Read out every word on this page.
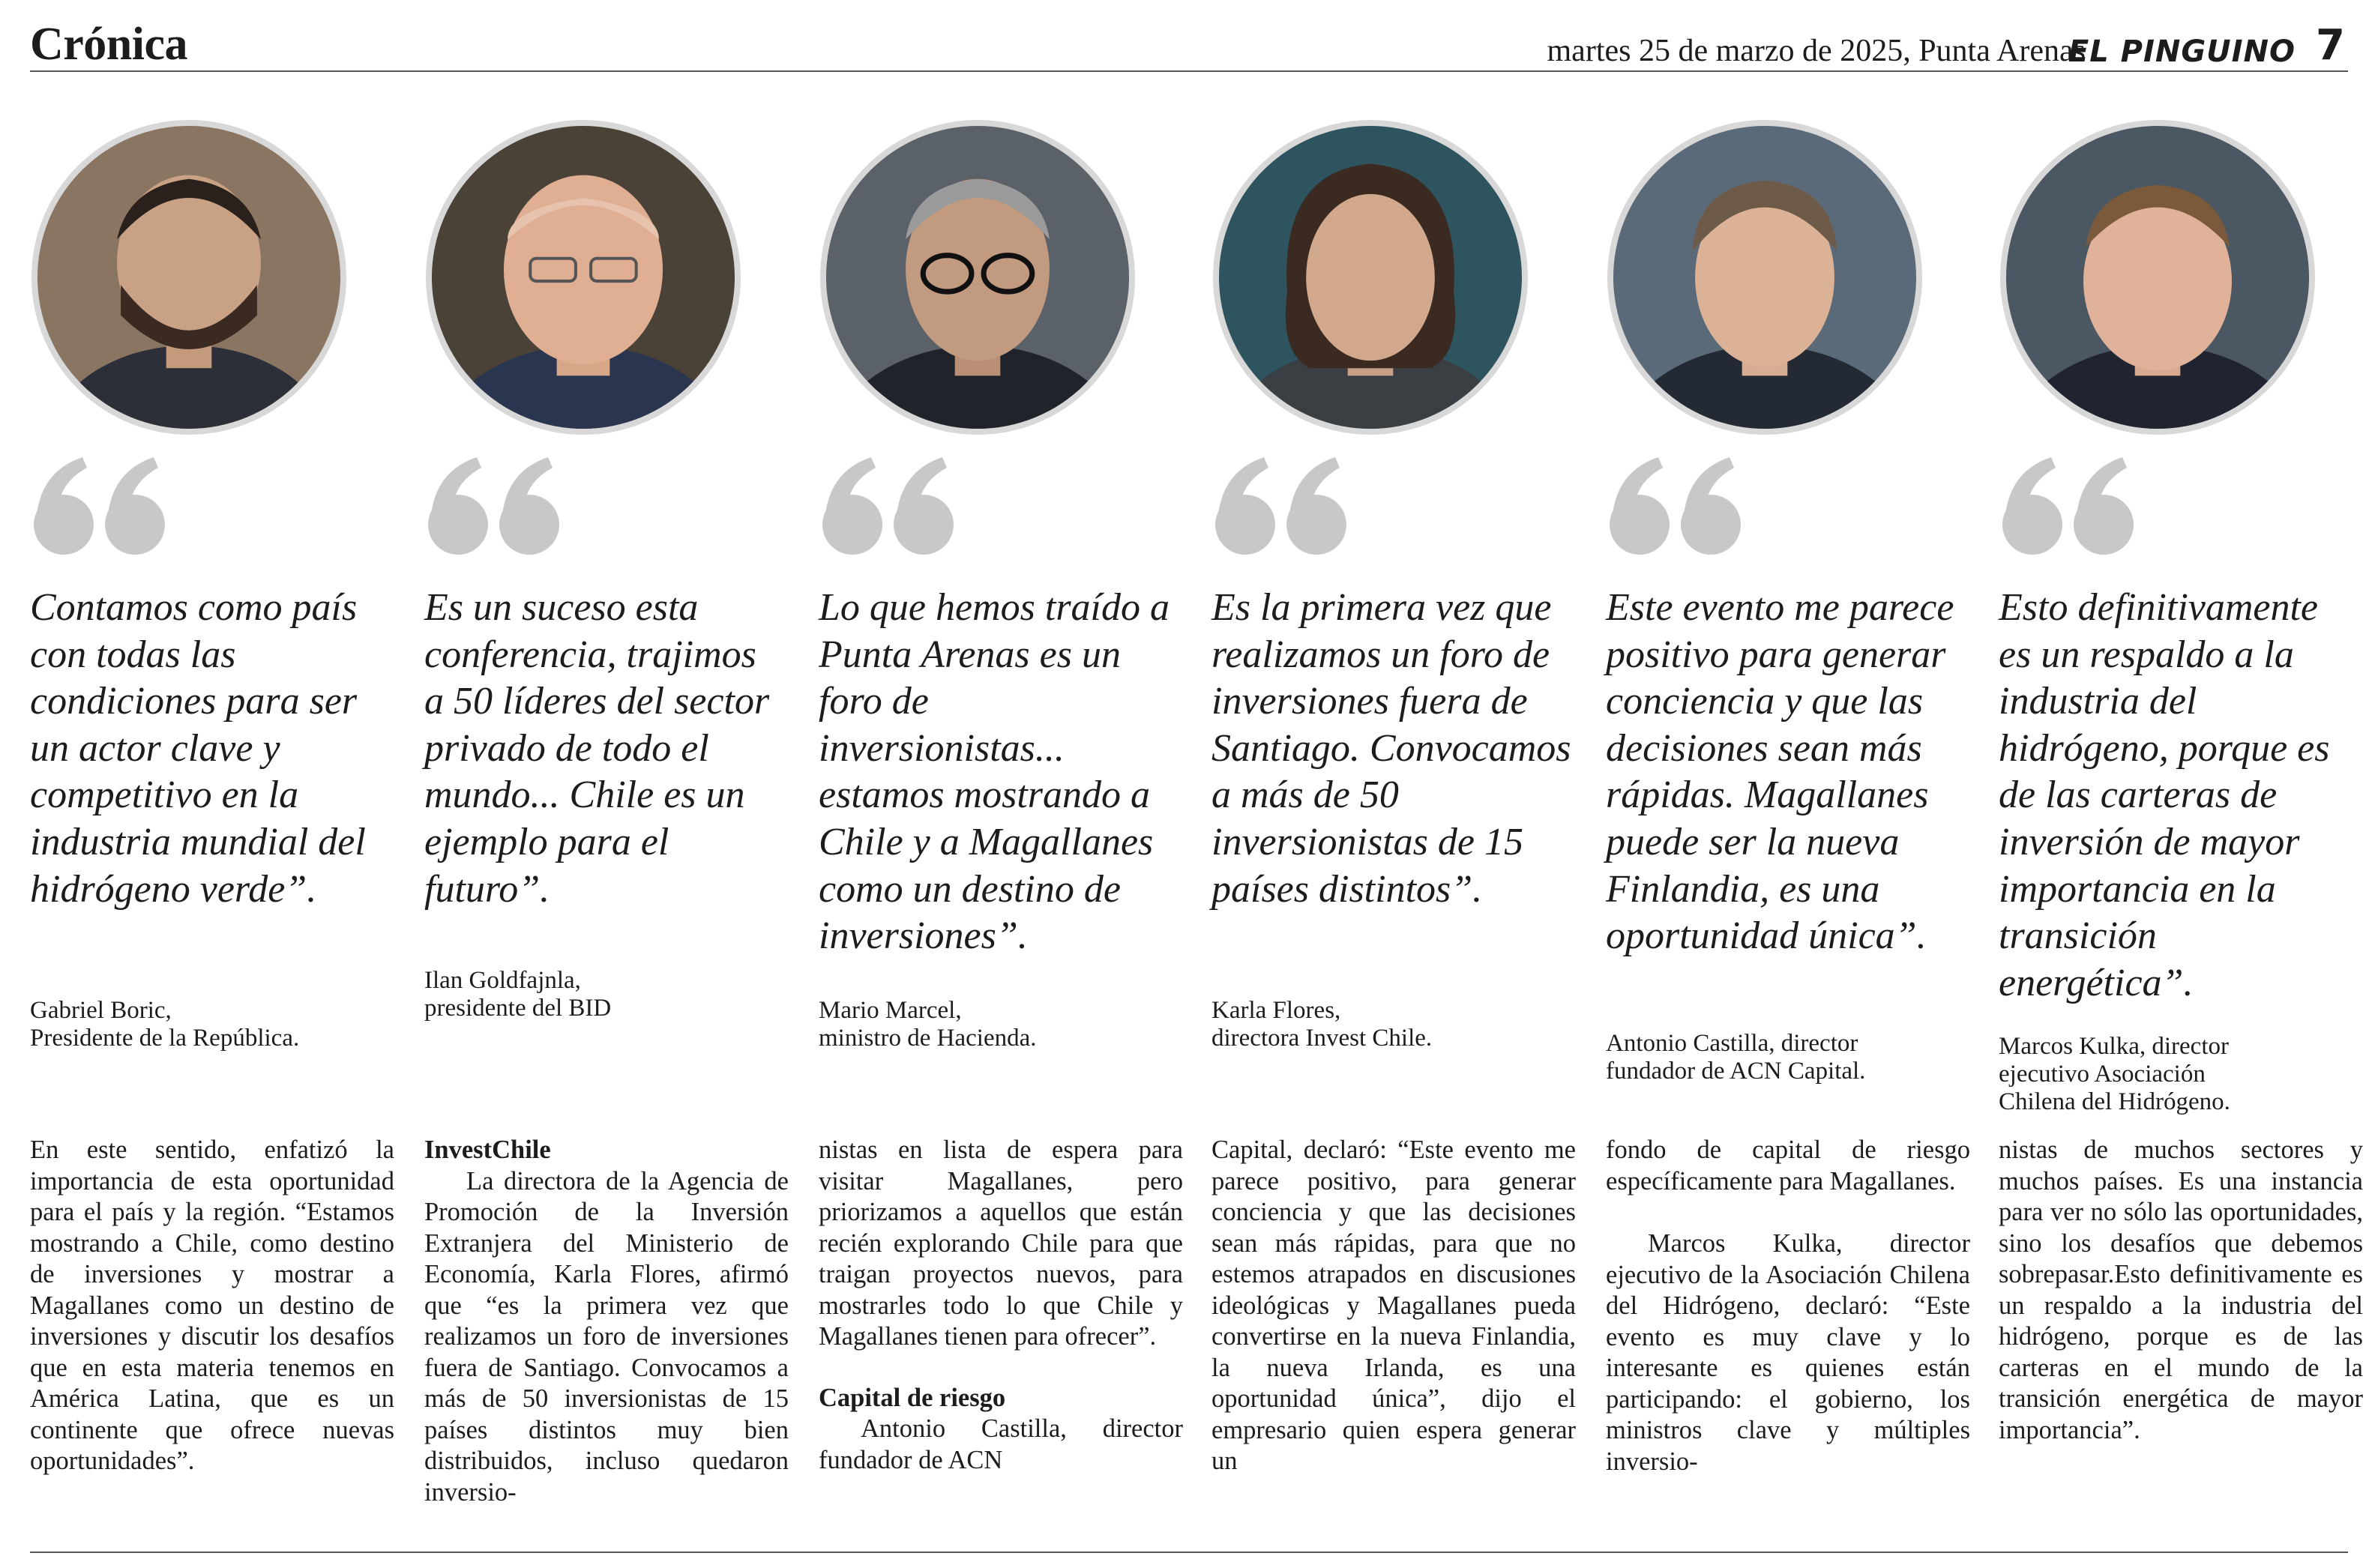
Crónica	martes 25 de marzo de 2025, Punta Arenas
EL PINGUINO 7

Contamos como país con todas las condiciones para ser un actor clave y competitivo en la industria mundial del hidrógeno verde”.

Gabriel Boric,
Presidente de la República.

En este sentido, enfatizó la importancia de esta oportunidad para el país y la región. “Estamos mostrando a Chile, como destino de inversiones y mostrar a Magallanes como un destino de inversiones y discutir los desafíos que en esta materia tenemos en América Latina, que es un continente que ofrece nuevas oportunidades”.

Es un suceso esta conferencia, trajimos a 50 líderes del sector privado de todo el mundo... Chile es un ejemplo para el futuro”.

Ilan Goldfajnla,
presidente del BID

InvestChile
La directora de la Agencia de Promoción de la Inversión Extranjera del Ministerio de Economía, Karla Flores, afirmó que “es la primera vez que realizamos un foro de inversiones fuera de Santiago. Convocamos a más de 50 inversionistas de 15 países distintos muy bien distribuidos, incluso quedaron inversio-

Lo que hemos traído a Punta Arenas es un foro de inversionistas... estamos mostrando a Chile y a Magallanes como un destino de inversiones”.

Mario Marcel,
ministro de Hacienda.

nistas en lista de espera para visitar Magallanes, pero priorizamos a aquellos que están recién explorando Chile para que traigan proyectos nuevos, para mostrarles todo lo que Chile y Magallanes tienen para ofrecer”.
Capital de riesgo
Antonio Castilla, director fundador de ACN

Es la primera vez que realizamos un foro de inversiones fuera de Santiago. Convocamos a más de 50 inversionistas de 15 países distintos”.

Karla Flores,
directora Invest Chile.

Capital, declaró: “Este evento me parece positivo, para generar conciencia y que las decisiones sean más rápidas, para que no estemos atrapados en discusiones ideológicas y Magallanes pueda convertirse en la nueva Finlandia, la nueva Irlanda, es una oportunidad única”, dijo el empresario quien espera generar un

Este evento me parece positivo para generar conciencia y que las decisiones sean más rápidas. Magallanes puede ser la nueva Finlandia, es una oportunidad única”.

Antonio Castilla, director
fundador de ACN Capital.

fondo de capital de riesgo específicamente para Magallanes.
Marcos Kulka, director ejecutivo de la Asociación Chilena del Hidrógeno, declaró: “Este evento es muy clave y lo interesante es quienes están participando: el gobierno, los ministros clave y múltiples inversio-

Esto definitivamente es un respaldo a la industria del hidrógeno, porque es de las carteras de inversión de mayor importancia en la transición energética”.

Marcos Kulka, director
ejecutivo Asociación
Chilena del Hidrógeno.

nistas de muchos sectores y muchos países. Es una instancia para ver no sólo las oportunidades, sino los desafíos que debemos sobrepasar.Esto definitivamente es un respaldo a la industria del hidrógeno, porque es de las carteras en el mundo de la transición energética de mayor importancia”.
